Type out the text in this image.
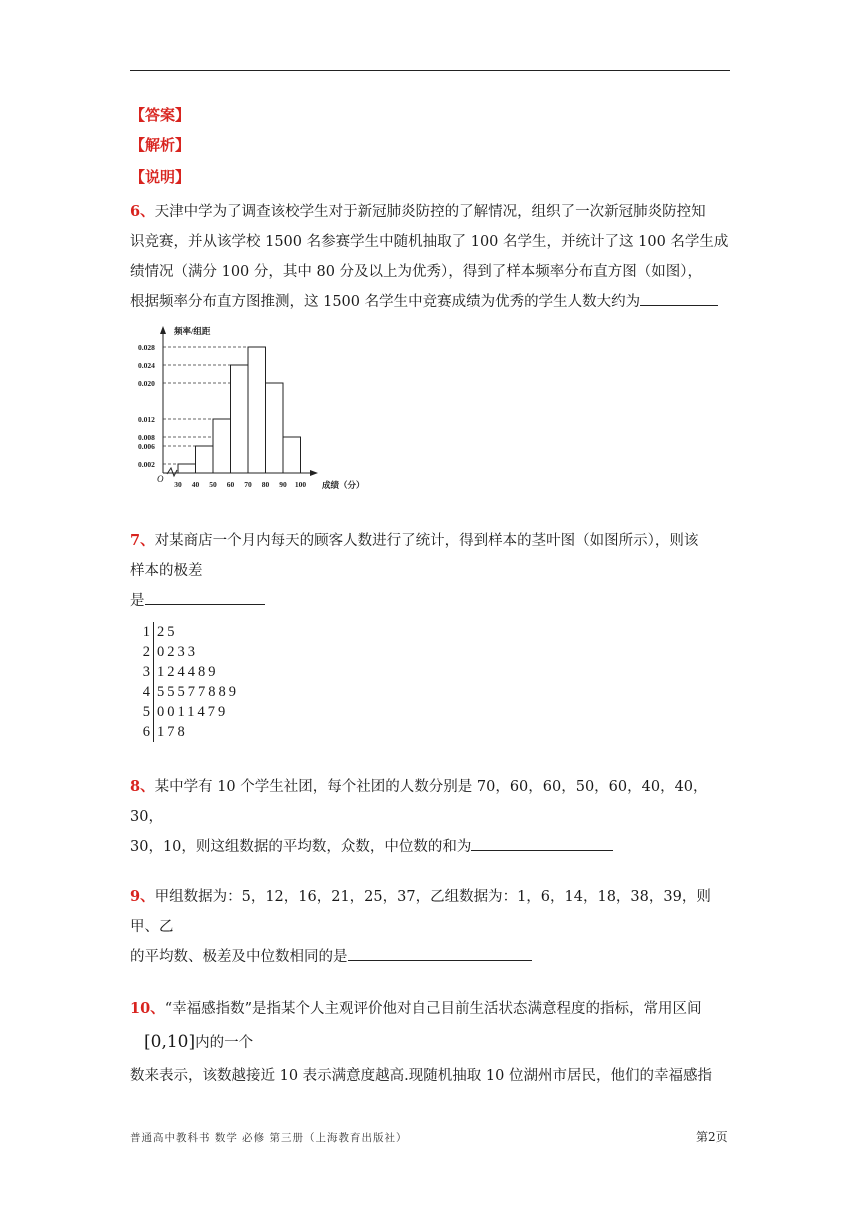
【答案】
【解析】
【说明】
6、天津中学为了调查该校学生对于新冠肺炎防控的了解情况，组织了一次新冠肺炎防控知
识竞赛，并从该学校 1500 名参赛学生中随机抽取了 100 名学生，并统计了这 100 名学生成
绩情况（满分 100 分，其中 80 分及以上为优秀），得到了样本频率分布直方图（如图），
根据频率分布直方图推测，这 1500 名学生中竞赛成绩为优秀的学生人数大约为
0.002
0.006
0.008
0.012
0.020
0.024
0.028
30 40 50 60 70 80 90 100
频率/组距
成绩（分）
O
7、对某商店一个月内每天的顾客人数进行了统计，得到样本的茎叶图（如图所示），则该
样本的极差
是
1 25
2 0233
3 124489
4 55577889
5 0011479
6 178
8、某中学有 10 个学生社团，每个社团的人数分别是 70，60，60，50，60，40，40，30，
30，10，则这组数据的平均数，众数，中位数的和为
9、甲组数据为：5，12，16，21，25，37，乙组数据为：1，6，14，18，38，39，则甲、乙
的平均数、极差及中位数相同的是
10、“幸福感指数”是指某个人主观评价他对自己目前生活状态满意程度的指标，常用区间
[0,10]内的一个
数来表示，该数越接近 10 表示满意度越高.现随机抽取 10 位湖州市居民，他们的幸福感指
普通高中教科书 数学 必修 第三册（上海教育出版社）	第2页
